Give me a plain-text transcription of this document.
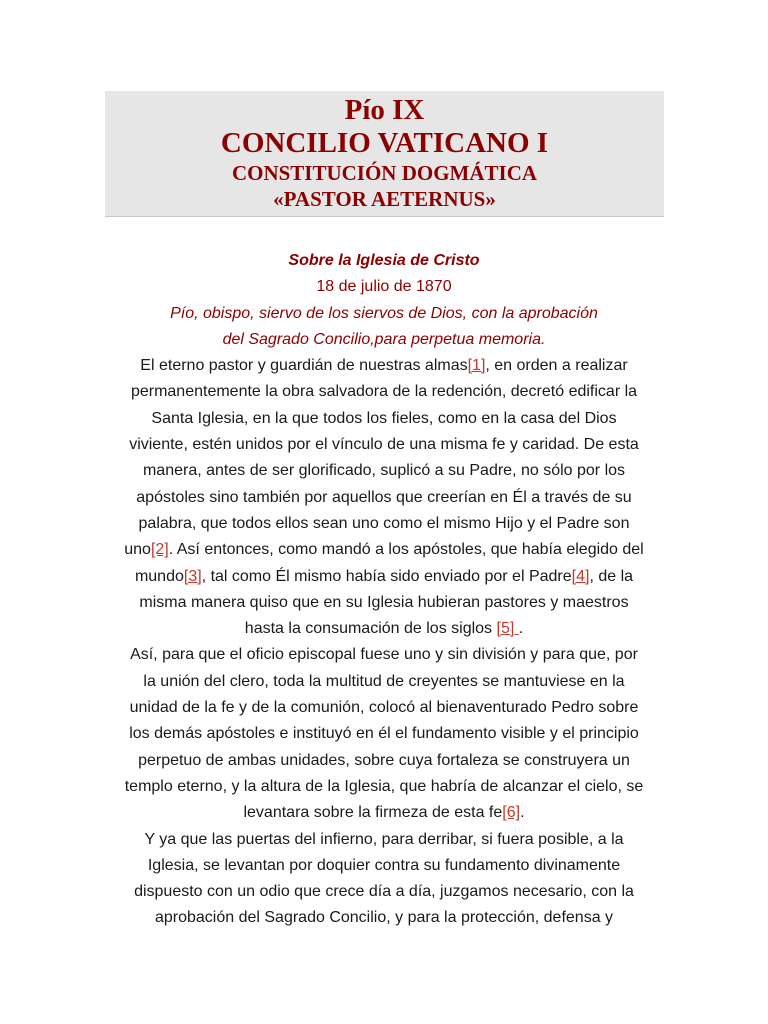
Pío IX
CONCILIO VATICANO I
CONSTITUCIÓN DOGMÁTICA
«PASTOR AETERNUS»
Sobre la Iglesia de Cristo
18 de julio de 1870
Pío, obispo, siervo de los siervos de Dios, con la aprobación
del Sagrado Concilio,para perpetua memoria.
El eterno pastor y guardián de nuestras almas[1], en orden a realizar
permanentemente la obra salvadora de la redención, decretó edificar la
Santa Iglesia, en la que todos los fieles, como en la casa del Dios
viviente, estén unidos por el vínculo de una misma fe y caridad. De esta
manera, antes de ser glorificado, suplicó a su Padre, no sólo por los
apóstoles sino también por aquellos que creerían en Él a través de su
palabra, que todos ellos sean uno como el mismo Hijo y el Padre son
uno[2]. Así entonces, como mandó a los apóstoles, que había elegido del
mundo[3], tal como Él mismo había sido enviado por el Padre[4], de la
misma manera quiso que en su Iglesia hubieran pastores y maestros
hasta la consumación de los siglos [5] .
Así, para que el oficio episcopal fuese uno y sin división y para que, por
la unión del clero, toda la multitud de creyentes se mantuviese en la
unidad de la fe y de la comunión, colocó al bienaventurado Pedro sobre
los demás apóstoles e instituyó en él el fundamento visible y el principio
perpetuo de ambas unidades, sobre cuya fortaleza se construyera un
templo eterno, y la altura de la Iglesia, que habría de alcanzar el cielo, se
levantara sobre la firmeza de esta fe[6].
Y ya que las puertas del infierno, para derribar, si fuera posible, a la
Iglesia, se levantan por doquier contra su fundamento divinamente
dispuesto con un odio que crece día a día, juzgamos necesario, con la
aprobación del Sagrado Concilio, y para la protección, defensa y
